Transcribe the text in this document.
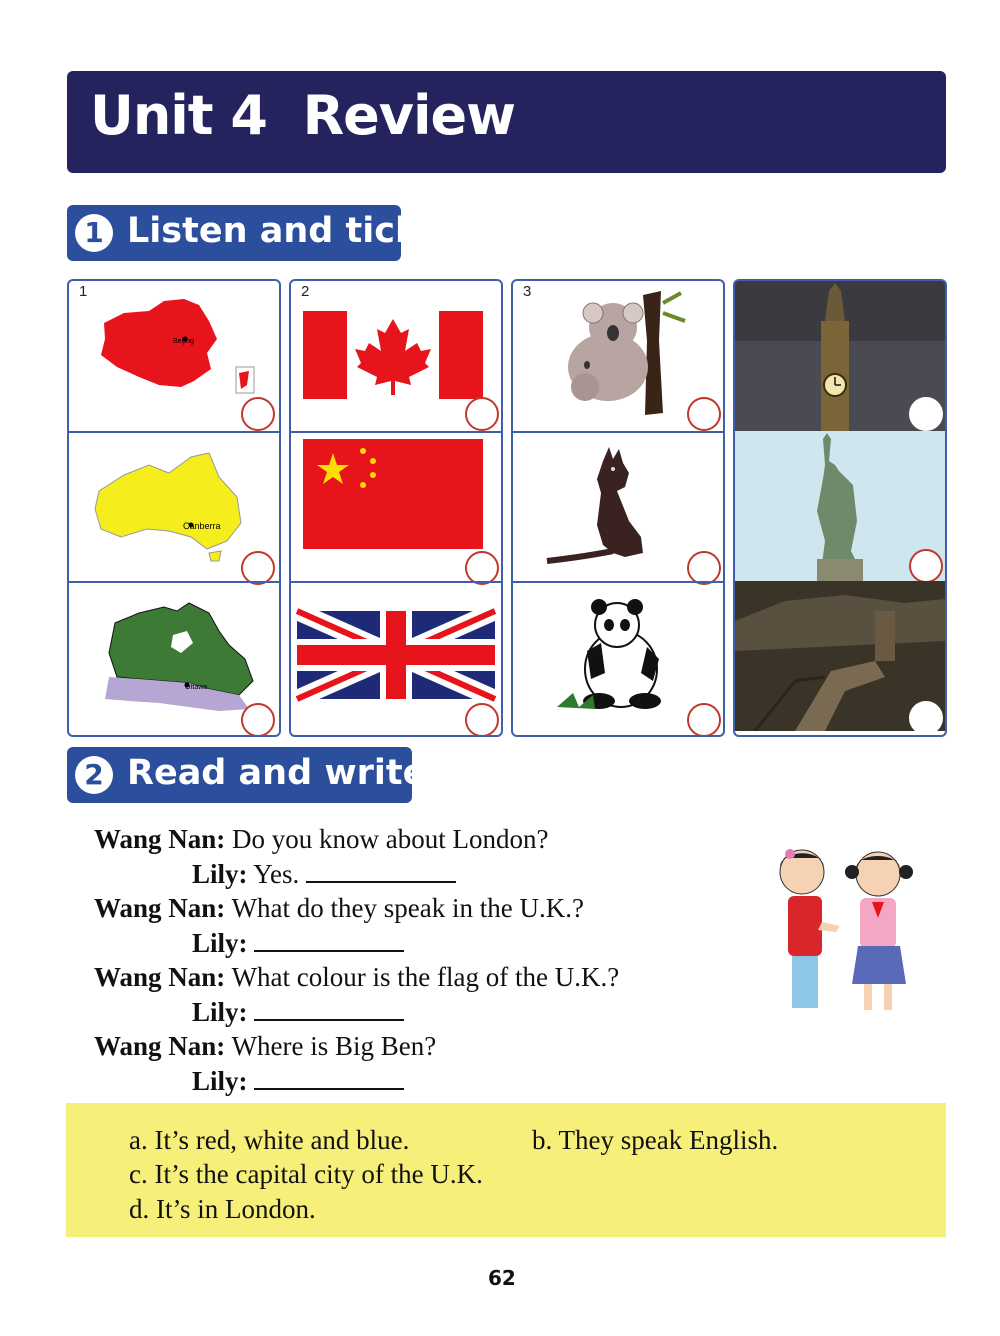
Unit 4  Review
1 Listen and tick
1
Beijing
Canberra
Ottawa
2	3
2 Read and write
Wang Nan: Do you know about London?
Lily: Yes.
Wang Nan: What do they speak in the U.K.?
Lily:
Wang Nan: What colour is the flag of the U.K.?
Lily:
Wang Nan: Where is Big Ben?
Lily:
a. It’s red, white and blue.	b. They speak English.
c. It’s the capital city of the U.K.
d. It’s in London.
62
